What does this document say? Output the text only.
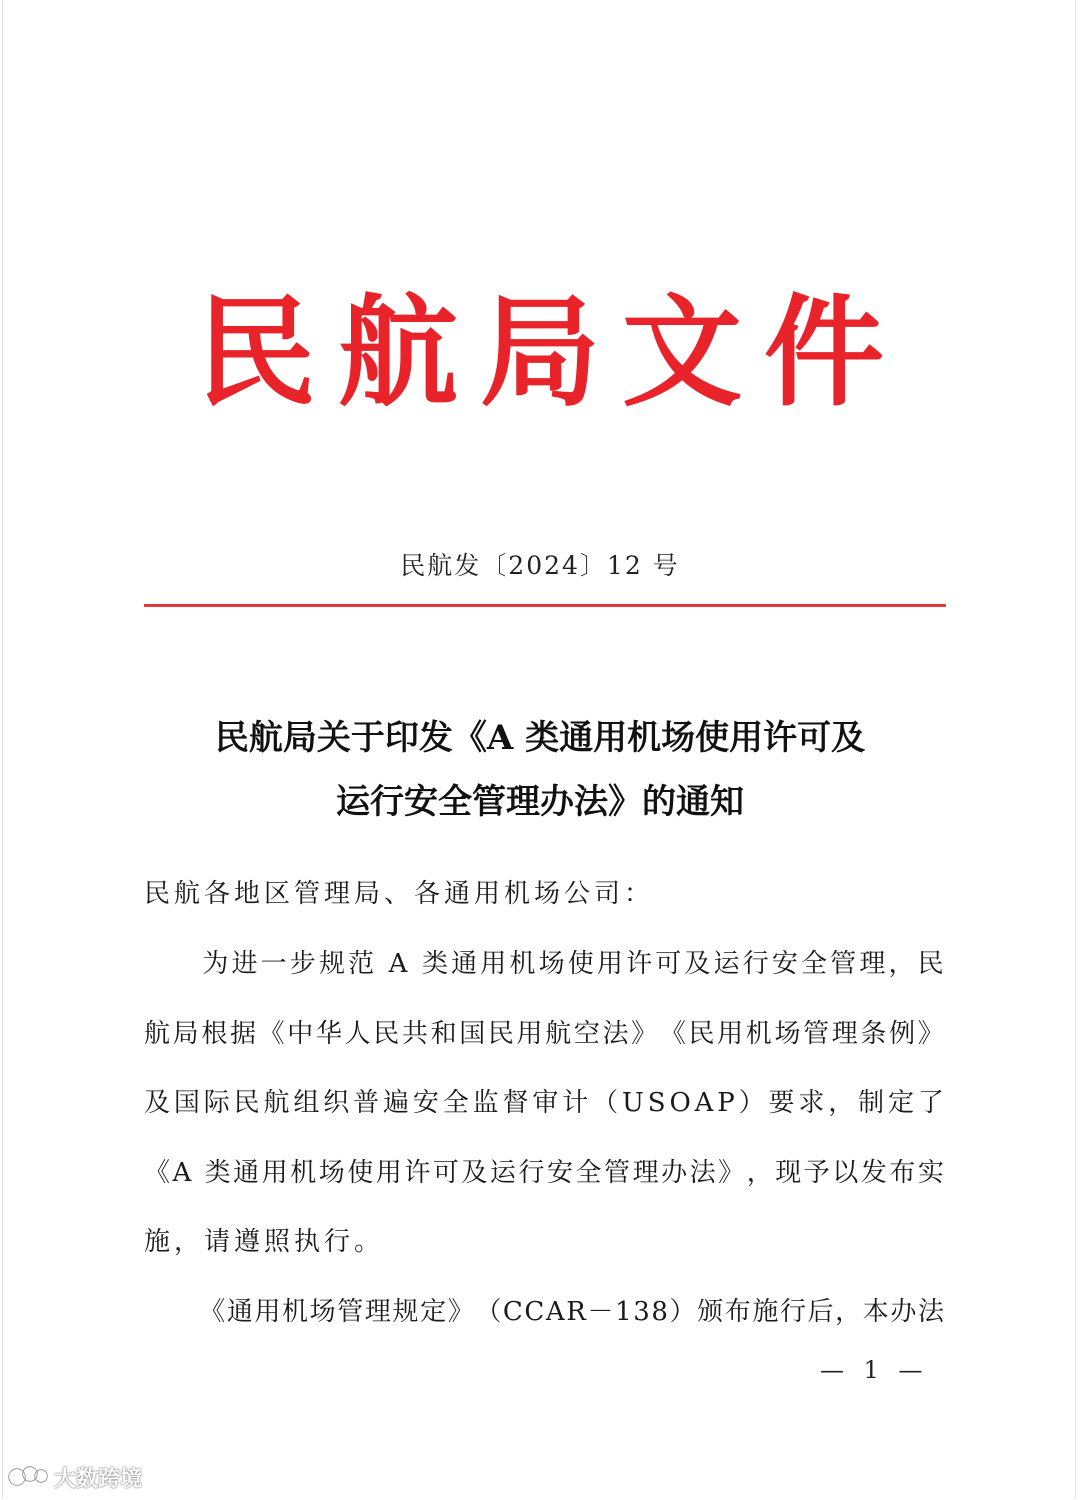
民航局文件
民航发〔2024〕12 号
民航局关于印发《A 类通用机场使用许可及
运行安全管理办法》的通知
民航各地区管理局、各通用机场公司：

为 进 一 步 规 范
A
类 通 用 机 场 使 用 许 可 及 运 行 安 全 管 理 ， 民
航 局 根 据 《 中 华 人 民 共 和 国 民 用 航 空 法 》 《 民 用 机 场 管 理 条 例 》
及 国 际 民 航 组 织 普 遍 安 全 监 督 审 计 （ U S O A P ） 要 求 ， 制 定 了
《 A
类 通 用 机 场 使 用 许 可 及 运 行 安 全 管 理 办 法 》 ， 现 予 以 发 布 实
施，请遵照执行。

《 通 用 机 场 管 理 规 定 》 （ C C A R － 1 3 8 ） 颁 布 施 行 后 ， 本 办 法
— 1 —
大数跨境
